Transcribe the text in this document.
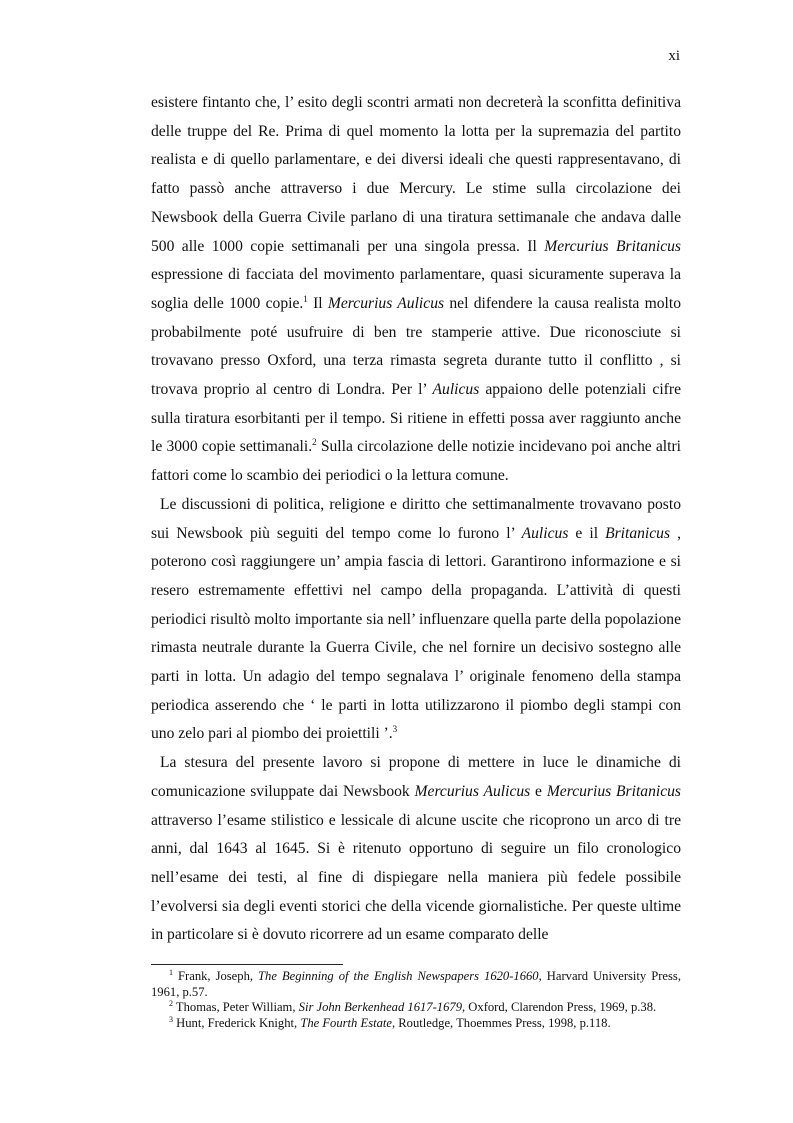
xi

esistere fintanto che, l’ esito degli scontri armati non decreterà la sconfitta definitiva delle truppe del Re. Prima di quel momento la lotta per la supremazia del partito realista e di quello parlamentare, e dei diversi ideali che questi rappresentavano, di fatto passò anche attraverso i due Mercury. Le stime sulla circolazione dei Newsbook della Guerra Civile parlano di una tiratura settimanale che andava dalle 500 alle 1000 copie settimanali per una singola pressa. Il Mercurius Britanicus espressione di facciata del movimento parlamentare, quasi sicuramente superava la soglia delle 1000 copie.$^1$ Il Mercurius Aulicus nel difendere la causa realista molto probabilmente poté usufruire di ben tre stamperie attive. Due riconosciute si trovavano presso Oxford, una terza rimasta segreta durante tutto il conflitto , si trovava proprio al centro di Londra. Per l’ Aulicus appaiono delle potenziali cifre sulla tiratura esorbitanti per il tempo. Si ritiene in effetti possa aver raggiunto anche le 3000 copie settimanali.$^2$ Sulla circolazione delle notizie incidevano poi anche altri fattori come lo scambio dei periodici o la lettura comune.

Le discussioni di politica, religione e diritto che settimanalmente trovavano posto sui Newsbook più seguiti del tempo come lo furono l’ Aulicus e il Britanicus , poterono così raggiungere un’ ampia fascia di lettori. Garantirono informazione e si resero estremamente effettivi nel campo della propaganda. L’attività di questi periodici risultò molto importante sia nell’ influenzare quella parte della popolazione rimasta neutrale durante la Guerra Civile, che nel fornire un decisivo sostegno alle parti in lotta. Un adagio del tempo segnalava l’ originale fenomeno della stampa periodica asserendo che ‘ le parti in lotta utilizzarono il piombo degli stampi con uno zelo pari al piombo dei proiettili ’.$^3$

La stesura del presente lavoro si propone di mettere in luce le dinamiche di comunicazione sviluppate dai Newsbook Mercurius Aulicus e Mercurius Britanicus attraverso l’esame stilistico e lessicale di alcune uscite che ricoprono un arco di tre anni, dal 1643 al 1645. Si è ritenuto opportuno di seguire un filo cronologico nell’esame dei testi, al fine di dispiegare nella maniera più fedele possibile l’evolversi sia degli eventi storici che della vicende giornalistiche. Per queste ultime in particolare si è dovuto ricorrere ad un esame comparato delle

$^1$ Frank, Joseph, The Beginning of the English Newspapers 1620-1660, Harvard University Press, 1961, p.57.

$^2$ Thomas, Peter William, Sir John Berkenhead 1617-1679, Oxford, Clarendon Press, 1969, p.38.

$^3$ Hunt, Frederick Knight, The Fourth Estate, Routledge, Thoemmes Press, 1998, p.118.
